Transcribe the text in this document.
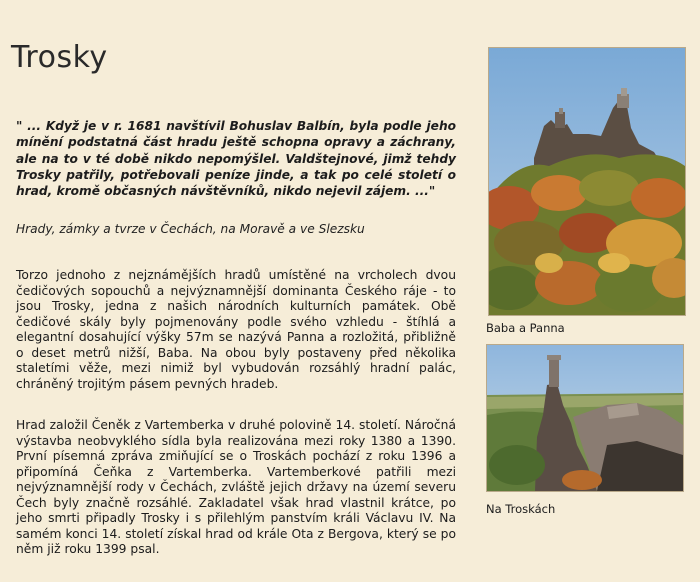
Trosky
" ... Když je v r. 1681 navštívil Bohuslav Balbín, byla podle jeho mínění podstatná část hradu ještě schopna opravy a záchrany, ale na to v té době nikdo nepomýšlel. Valdštejnové, jimž tehdy Trosky patřily, potřebovali peníze jinde, a tak po celé století o hrad, kromě občasných návštěvníků, nikdo nejevil zájem. ..."
Hrady, zámky a tvrze v Čechách, na Moravě a ve Slezsku
Torzo jednoho z nejznámějších hradů umístěné na vrcholech dvou čedičových sopouchů a nejvýznamnější dominanta Českého ráje - to jsou Trosky, jedna z našich národních kulturních památek. Obě čedičové skály byly pojmenovány podle svého vzhledu - štíhlá a elegantní dosahující výšky 57m se nazývá Panna a rozložitá, přibližně o deset metrů nižší, Baba. Na obou byly postaveny před několika staletími věže, mezi nimiž byl vybudován rozsáhlý hradní palác, chráněný trojitým pásem pevných hradeb.
Hrad založil Čeněk z Vartemberka v druhé polovině 14. století. Náročná výstavba neobvyklého sídla byla realizována mezi roky 1380 a 1390. První písemná zpráva zmiňující se o Troskách pochází z roku 1396 a připomíná Čeňka z Vartemberka. Vartemberkové patřili mezi nejvýznamnější rody v Čechách, zvláště jejich državy na území severu Čech byly značně rozsáhlé. Zakladatel však hrad vlastnil krátce, po jeho smrti připadly Trosky i s přilehlým panstvím králi Václavu IV. Na samém konci 14. století získal hrad od krále Ota z Bergova, který se po něm již roku 1399 psal.
Baba a Panna
Na Troskách
